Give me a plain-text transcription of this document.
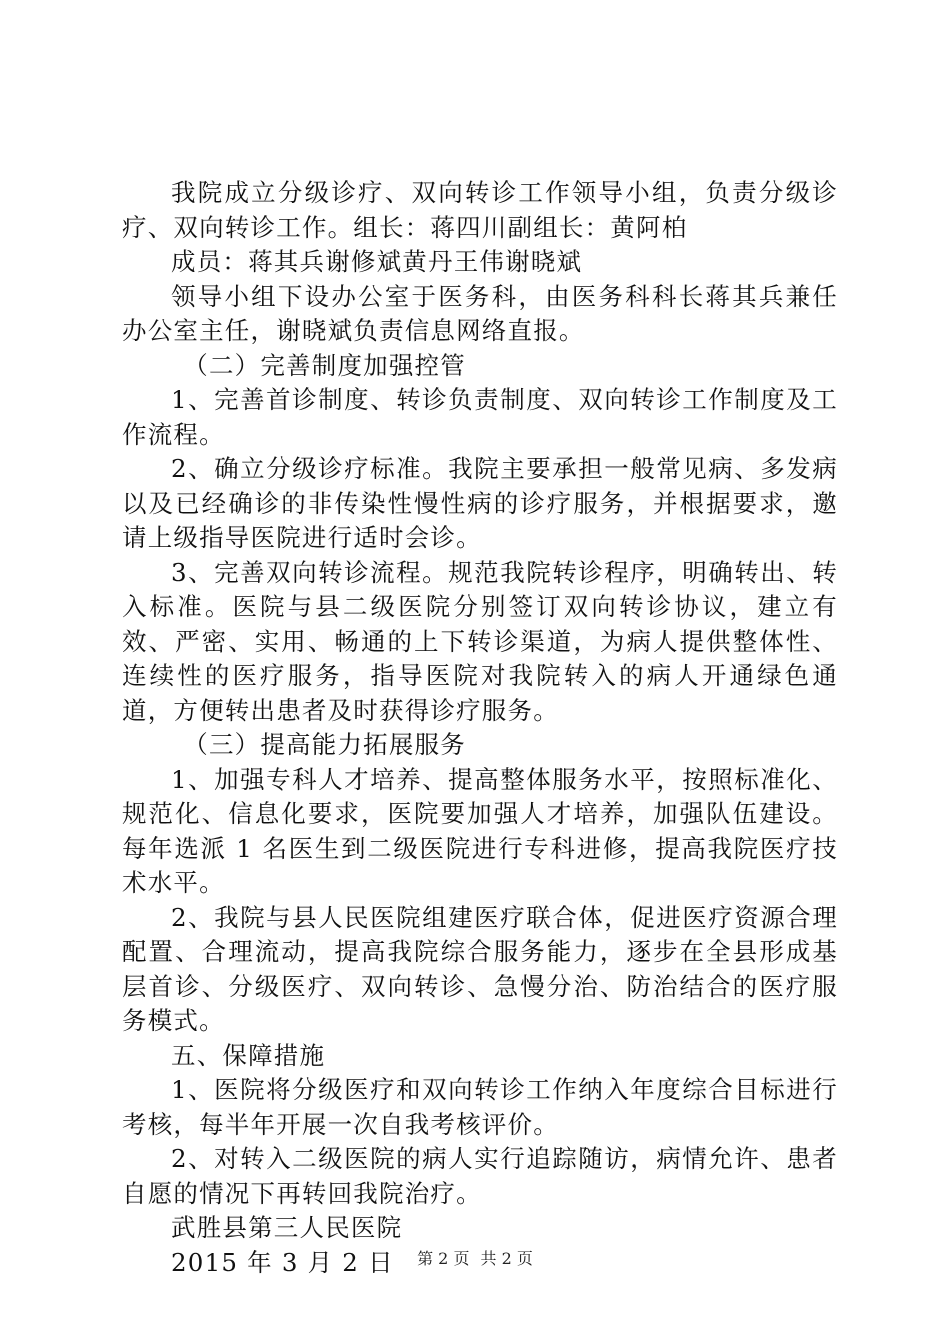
我院成立分级诊疗、双向转诊工作领导小组，负责分级诊疗、双向转诊工作。组长：蒋四川副组长：黄阿柏

成员：蒋其兵谢修斌黄丹王伟谢晓斌

领导小组下设办公室于医务科，由医务科科长蒋其兵兼任办公室主任，谢晓斌负责信息网络直报。

（二）完善制度加强控管

1、完善首诊制度、转诊负责制度、双向转诊工作制度及工作流程。

2、确立分级诊疗标准。我院主要承担一般常见病、多发病以及已经确诊的非传染性慢性病的诊疗服务，并根据要求，邀请上级指导医院进行适时会诊。

3、完善双向转诊流程。规范我院转诊程序，明确转出、转入标准。医院与县二级医院分别签订双向转诊协议，建立有效、严密、实用、畅通的上下转诊渠道，为病人提供整体性、连续性的医疗服务，指导医院对我院转入的病人开通绿色通道，方便转出患者及时获得诊疗服务。

（三）提高能力拓展服务

1、加强专科人才培养、提高整体服务水平，按照标准化、规范化、信息化要求，医院要加强人才培养，加强队伍建设。每年选派 1 名医生到二级医院进行专科进修，提高我院医疗技术水平。

2、我院与县人民医院组建医疗联合体，促进医疗资源合理配置、合理流动，提高我院综合服务能力，逐步在全县形成基层首诊、分级医疗、双向转诊、急慢分治、防治结合的医疗服务模式。

五、保障措施

1、医院将分级医疗和双向转诊工作纳入年度综合目标进行考核，每半年开展一次自我考核评价。

2、对转入二级医院的病人实行追踪随访，病情允许、患者自愿的情况下再转回我院治疗。

武胜县第三人民医院

2015 年 3 月 2 日	第 2 页 共 2 页
